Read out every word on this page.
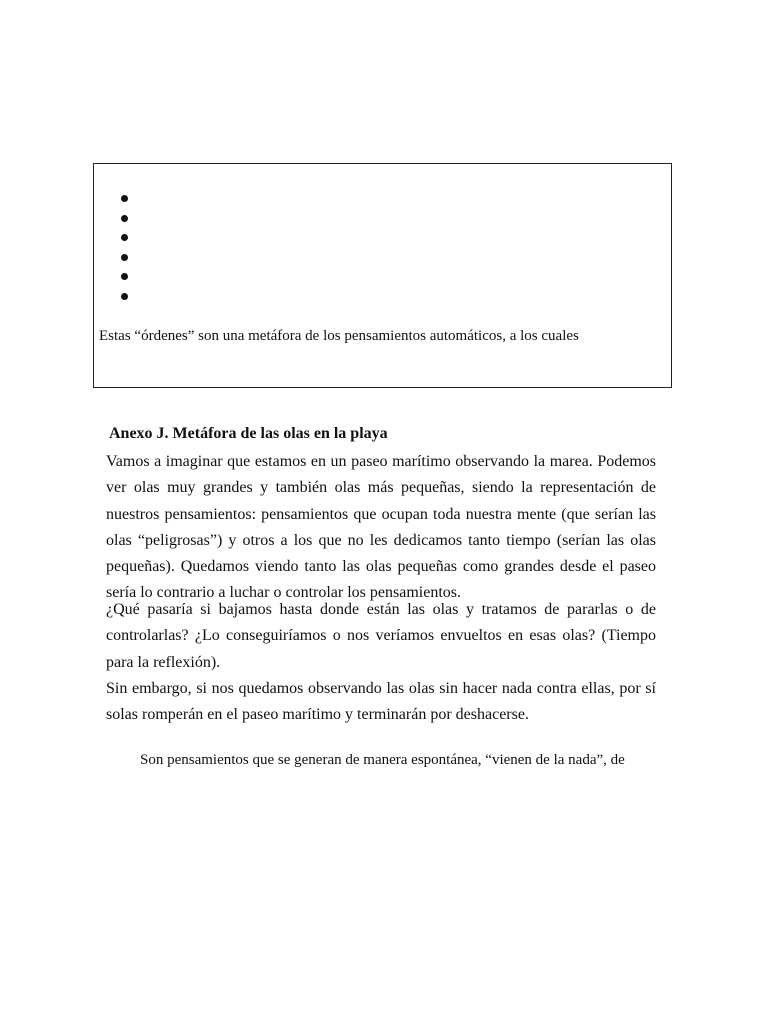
Estas “órdenes” son una metáfora de los pensamientos automáticos, a los cuales
Anexo J. Metáfora de las olas en la playa

Vamos a imaginar que estamos en un paseo marítimo observando la marea. Podemos ver olas muy grandes y también olas más pequeñas, siendo la representación de nuestros pensamientos: pensamientos que ocupan toda nuestra mente (que serían las olas “peligrosas”) y otros a los que no les dedicamos tanto tiempo (serían las olas pequeñas). Quedamos viendo tanto las olas pequeñas como grandes desde el paseo sería lo contrario a luchar o controlar los pensamientos.

¿Qué pasaría si bajamos hasta donde están las olas y tratamos de pararlas o de controlarlas? ¿Lo conseguiríamos o nos veríamos envueltos en esas olas? (Tiempo para la reflexión).

Sin embargo, si nos quedamos observando las olas sin hacer nada contra ellas, por sí solas romperán en el paseo marítimo y terminarán por deshacerse.

Son pensamientos que se generan de manera espontánea, “vienen de la nada”, de
